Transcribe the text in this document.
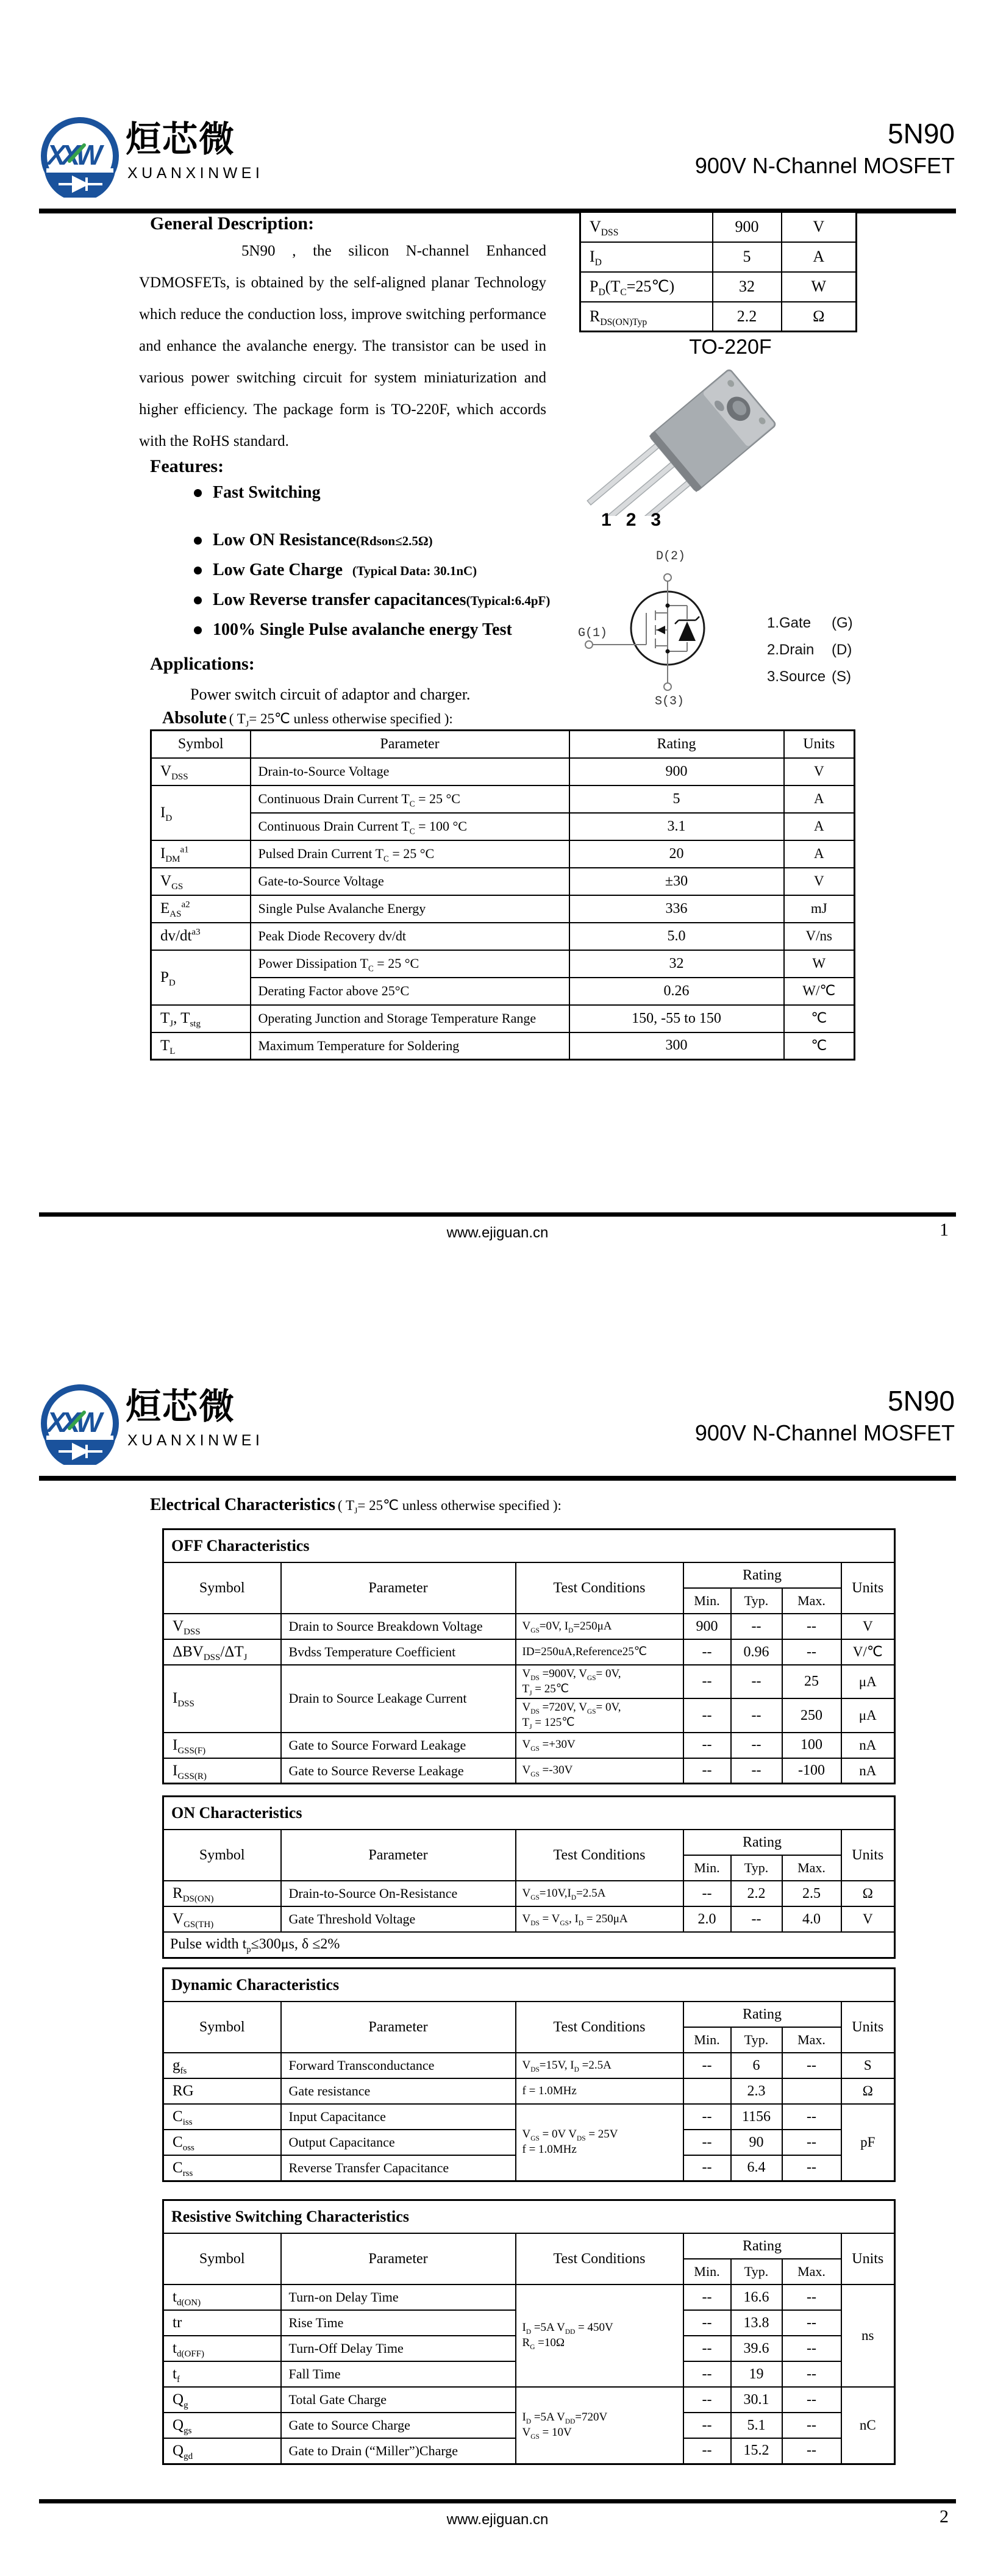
XXW 烜芯微
XUANXINWEI
5N90
900V N-Channel MOSFET
General Description:
5N90 , the silicon N-channel Enhanced VDMOSFETs, is obtained by the self-aligned planar Technology which reduce the conduction loss, improve switching performance and enhance the avalanche energy. The transistor can be used in various power switching circuit for system miniaturization and higher efficiency. The package form is TO-220F, which accords with the RoHS standard.
$V_{DSS}$	900	V
$I_D$	5	A
$P_D(T_C=25℃)$	32	W
$R_{DS(ON)Typ}$	2.2	Ω
TO-220F
1 2 3
D(2)
G(1)
S(3)
1.Gate	(G)
2.Drain	(D)
3.Source (S)
Features:
Fast Switching
Low ON Resistance (Rdson≤2.5Ω)
Low Gate Charge (Typical Data: 30.1nC)
Low Reverse transfer capacitances (Typical:6.4pF)
100% Single Pulse avalanche energy Test
Applications:
Power switch circuit of adaptor and charger.
Absolute ( $T_J=$ 25℃ unless otherwise specified ):
Symbol	Parameter	Rating	Units
$V_{DSS}$	Drain-to-Source Voltage	900	V
$I_D$	Continuous Drain Current $T_C = 25$ °C	5	A
	Continuous Drain Current $T_C = 100$ °C	3.1	A
$I_{DM}^{a1}$	Pulsed Drain Current $T_C = 25$ °C	20	A
$V_{GS}$	Gate-to-Source Voltage	±30	V
$E_{AS}^{a2}$	Single Pulse Avalanche Energy	336	mJ
$dv/dt^{a3}$	Peak Diode Recovery dv/dt	5.0	V/ns
$P_D$	Power Dissipation $T_C = 25$ °C	32	W
	Derating Factor above 25°C	0.26	W/℃
$T_J$, $T_{stg}$	Operating Junction and Storage Temperature Range	150, -55 to 150	℃
$T_L$	Maximum Temperature for Soldering	300	℃
www.ejiguan.cn	1
XXW 烜芯微
XUANXINWEI
5N90
900V N-Channel MOSFET
Electrical Characteristics ( $T_J=$ 25℃ unless otherwise specified ):
OFF Characteristics						
Symbol	Parameter	Test Conditions	Rating			Units
			Min.	Typ.	Max.	
$V_{DSS}$	Drain to Source Breakdown Voltage	$V_{GS}=0V$, $I_D=250\mu A$	900	--	--	V
$\Delta BV_{DSS}/\Delta T_J$	Bvdss Temperature Coefficient	ID=250uA,Reference25℃	--	0.96	--	V/℃
$I_{DSS}$	Drain to Source Leakage Current	$V_{DS} =900V$, $V_{GS}= 0V$,
$T_J$ = 25℃	--	--	25	μA
		$V_{DS} =720V$, $V_{GS}= 0V$,
$T_J$ = 125℃	--	--	250	μA
$I_{GSS(F)}$	Gate to Source Forward Leakage	$V_{GS} =+30V$	--	--	100	nA
$I_{GSS(R)}$	Gate to Source Reverse Leakage	$V_{GS} =-30V$	--	--	-100	nA
ON Characteristics						
Symbol	Parameter	Test Conditions	Rating			Units
			Min.	Typ.	Max.	
$R_{DS(ON)}$	Drain-to-Source On-Resistance	$V_{GS}=10V,I_D=2.5A$	--	2.2	2.5	Ω
$V_{GS(TH)}$	Gate Threshold Voltage	$V_{DS} = V_{GS}$, $I_D = 250\mu A$	2.0	--	4.0	V
Pulse width $t_p\le 300\mu s$, δ ≤2%						
Dynamic Characteristics						
Symbol	Parameter	Test Conditions	Rating			Units
			Min.	Typ.	Max.	
$g_{fs}$	Forward Transconductance	$V_{DS}=15V$, $I_D =2.5A$	--	6	--	S
RG	Gate resistance	f = 1.0MHz		2.3		Ω
$C_{iss}$	Input Capacitance	$V_{GS} = 0V$ $V_{DS} = 25V$
f = 1.0MHz	--	1156	--	pF
$C_{oss}$	Output Capacitance		--	90	--	
$C_{rss}$	Reverse Transfer Capacitance		--	6.4	--	
Resistive Switching Characteristics						
Symbol	Parameter	Test Conditions	Rating			Units
			Min.	Typ.	Max.	
$t_{d(ON)}$	Turn-on Delay Time	$I_D =5A$ $V_{DD} = 450V$
$R_G =10\Omega$	--	16.6	--	ns
tr	Rise Time		--	13.8	--	
$t_{d(OFF)}$	Turn-Off Delay Time		--	39.6	--	
$t_f$	Fall Time		--	19	--	
$Q_g$	Total Gate Charge	$I_D =5A$ $V_{DD}=720V$
$V_{GS} = 10V$	--	30.1	--	nC
$Q_{gs}$	Gate to Source Charge		--	5.1	--	
$Q_{gd}$	Gate to Drain (“Miller”)Charge		--	15.2	--	
www.ejiguan.cn	2
